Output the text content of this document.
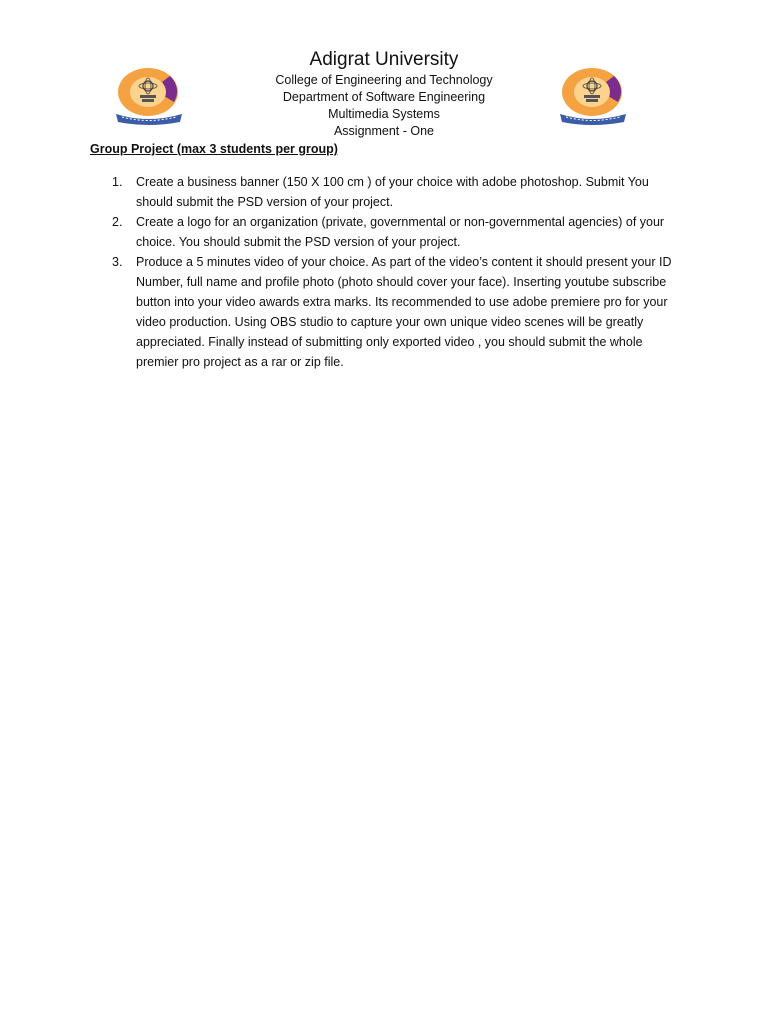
Adigrat University
College of Engineering and Technology
Department of Software Engineering
Multimedia Systems
Assignment - One
Group Project (max 3 students per group)
1. Create a business banner (150 X 100 cm ) of your choice with adobe photoshop. Submit You should submit the PSD version of your project.
2. Create a logo for an organization (private, governmental or non-governmental agencies) of your choice. You should submit the PSD version of your project.
3. Produce a 5 minutes video of your choice. As part of the video’s content it should present your ID Number, full name and profile photo (photo should cover your face). Inserting youtube subscribe button into your video awards extra marks. Its recommended to use adobe premiere pro for your video production. Using OBS studio to capture your own unique video scenes will be greatly appreciated. Finally instead of submitting only exported video , you should submit the whole premier pro project as a rar or zip file.
